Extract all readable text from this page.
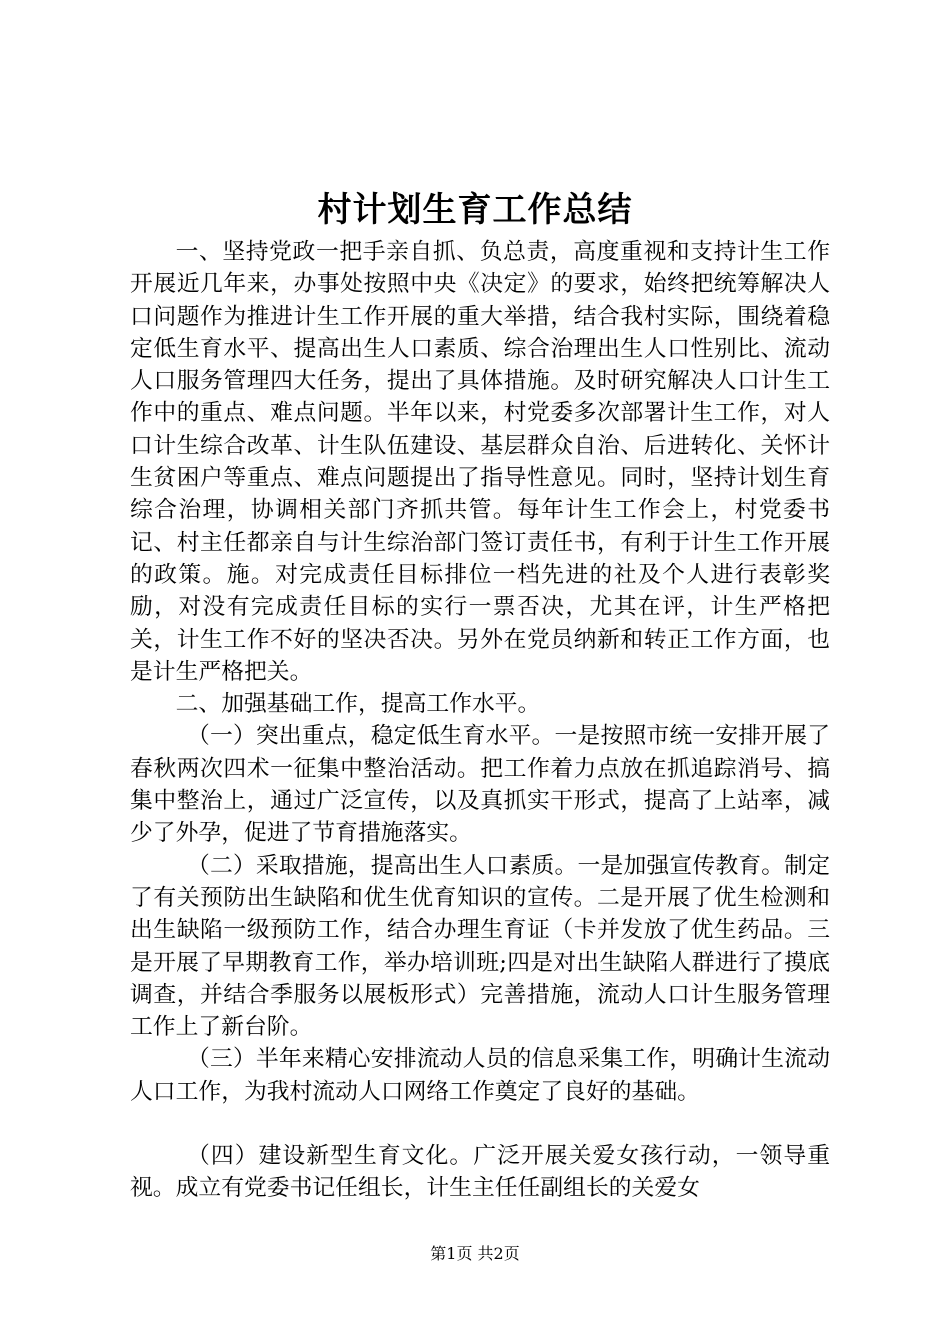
村计划生育工作总结

一、坚持党政一把手亲自抓、负总责，高度重视和支持计生工作开展近几年来，办事处按照中央《决定》的要求，始终把统筹解决人口问题作为推进计生工作开展的重大举措，结合我村实际，围绕着稳定低生育水平、提高出生人口素质、综合治理出生人口性别比、流动人口服务管理四大任务，提出了具体措施。及时研究解决人口计生工作中的重点、难点问题。半年以来，村党委多次部署计生工作，对人口计生综合改革、计生队伍建设、基层群众自治、后进转化、关怀计生贫困户等重点、难点问题提出了指导性意见。同时，坚持计划生育综合治理，协调相关部门齐抓共管。每年计生工作会上，村党委书记、村主任都亲自与计生综治部门签订责任书，有利于计生工作开展的政策。施。对完成责任目标排位一档先进的社及个人进行表彰奖励，对没有完成责任目标的实行一票否决，尤其在评，计生严格把关，计生工作不好的坚决否决。另外在党员纳新和转正工作方面，也是计生严格把关。

二、加强基础工作，提高工作水平。

（一）突出重点，稳定低生育水平。一是按照市统一安排开展了春秋两次四术一征集中整治活动。把工作着力点放在抓追踪消号、搞集中整治上，通过广泛宣传，以及真抓实干形式，提高了上站率，减少了外孕，促进了节育措施落实。

（二）采取措施，提高出生人口素质。一是加强宣传教育。制定了有关预防出生缺陷和优生优育知识的宣传。二是开展了优生检测和出生缺陷一级预防工作，结合办理生育证（卡并发放了优生药品。三是开展了早期教育工作，举办培训班;四是对出生缺陷人群进行了摸底调查，并结合季服务以展板形式）完善措施，流动人口计生服务管理工作上了新台阶。

（三）半年来精心安排流动人员的信息采集工作，明确计生流动人口工作，为我村流动人口网络工作奠定了良好的基础。

（四）建设新型生育文化。广泛开展关爱女孩行动，一领导重视。成立有党委书记任组长，计生主任任副组长的关爱女

第1页 共2页
